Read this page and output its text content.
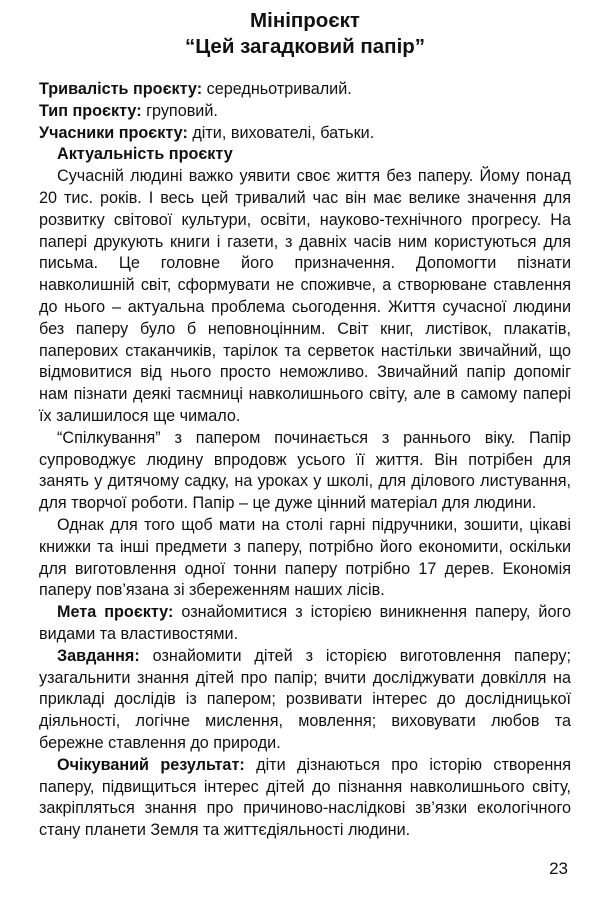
Мініпроєкт
“Цей загадковий папір”

Тривалість проєкту: середньотривалий.

Тип проєкту: груповий.

Учасники проєкту: діти, вихователі, батьки.

Актуальність проєкту

Сучасній людині важко уявити своє життя без паперу. Йому понад 20 тис. років. І весь цей тривалий час він має велике значення для розвитку світової культури, освіти, науково-технічного прогресу. На папері друкують книги і газети, з давніх часів ним користуються для письма. Це головне його призначення. Допомогти пізнати навколишній світ, сформувати не споживче, а створюване ставлення до нього – актуальна проблема сьогодення. Життя сучасної людини без паперу було б неповноцінним. Світ книг, листівок, плакатів, паперових стаканчиків, тарілок та серветок настільки звичайний, що відмовитися від нього просто неможливо. Звичайний папір допоміг нам пізнати деякі таємниці навколишнього світу, але в самому папері їх залишилося ще чимало.

“Спілкування” з папером починається з раннього віку. Папір супроводжує людину впродовж усього її життя. Він потрібен для занять у дитячому садку, на уроках у школі, для ділового листування, для творчої роботи. Папір – це дуже цінний матеріал для людини.

Однак для того щоб мати на столі гарні підручники, зошити, цікаві книжки та інші предмети з паперу, потрібно його економити, оскільки для виготовлення одної тонни паперу потрібно 17 дерев. Економія паперу пов’язана зі збереженням наших лісів.

Мета проєкту: ознайомитися з історією виникнення паперу, його видами та властивостями.

Завдання: ознайомити дітей з історією виготовлення паперу; узагальнити знання дітей про папір; вчити досліджувати довкілля на прикладі дослідів із папером; розвивати інтерес до дослідницької діяльності, логічне мислення, мовлення; виховувати любов та бережне ставлення до природи.

Очікуваний результат: діти дізнаються про історію створення паперу, підвищиться інтерес дітей до пізнання навколишнього світу, закріпляться знання про причиново-наслідкові зв’язки екологічного стану планети Земля та життєдіяльності людини.

23
